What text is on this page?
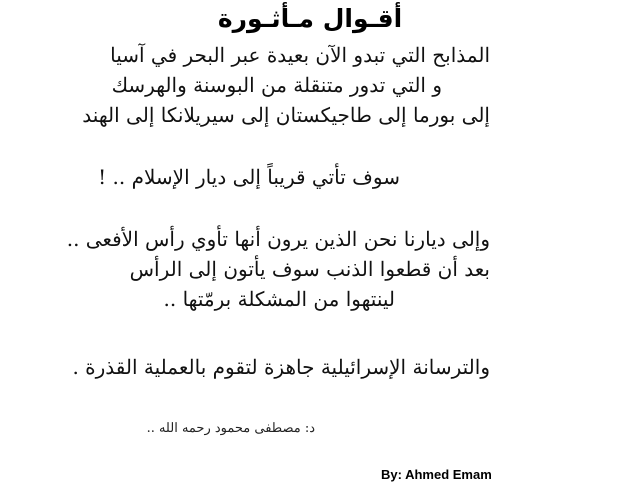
أقـوال مـأثـورة
المذابح التي تبدو الآن بعيدة عبر البحر في آسيا
و التي تدور متنقلة من البوسنة والهرسك
إلى بورما إلى طاجيكستان إلى سيريلانكا إلى الهند
سوف تأتي قريباً إلى ديار الإسلام .. !
وإلى ديارنا نحن الذين يرون أنها تأوي رأس الأفعى ..
بعد أن قطعوا الذنب سوف يأتون إلى الرأس
لينتهوا من المشكلة برمّتها ..
والترسانة الإسرائيلية جاهزة لتقوم بالعملية القذرة .
د: مصطفى محمود رحمه الله ..
By: Ahmed Emam
